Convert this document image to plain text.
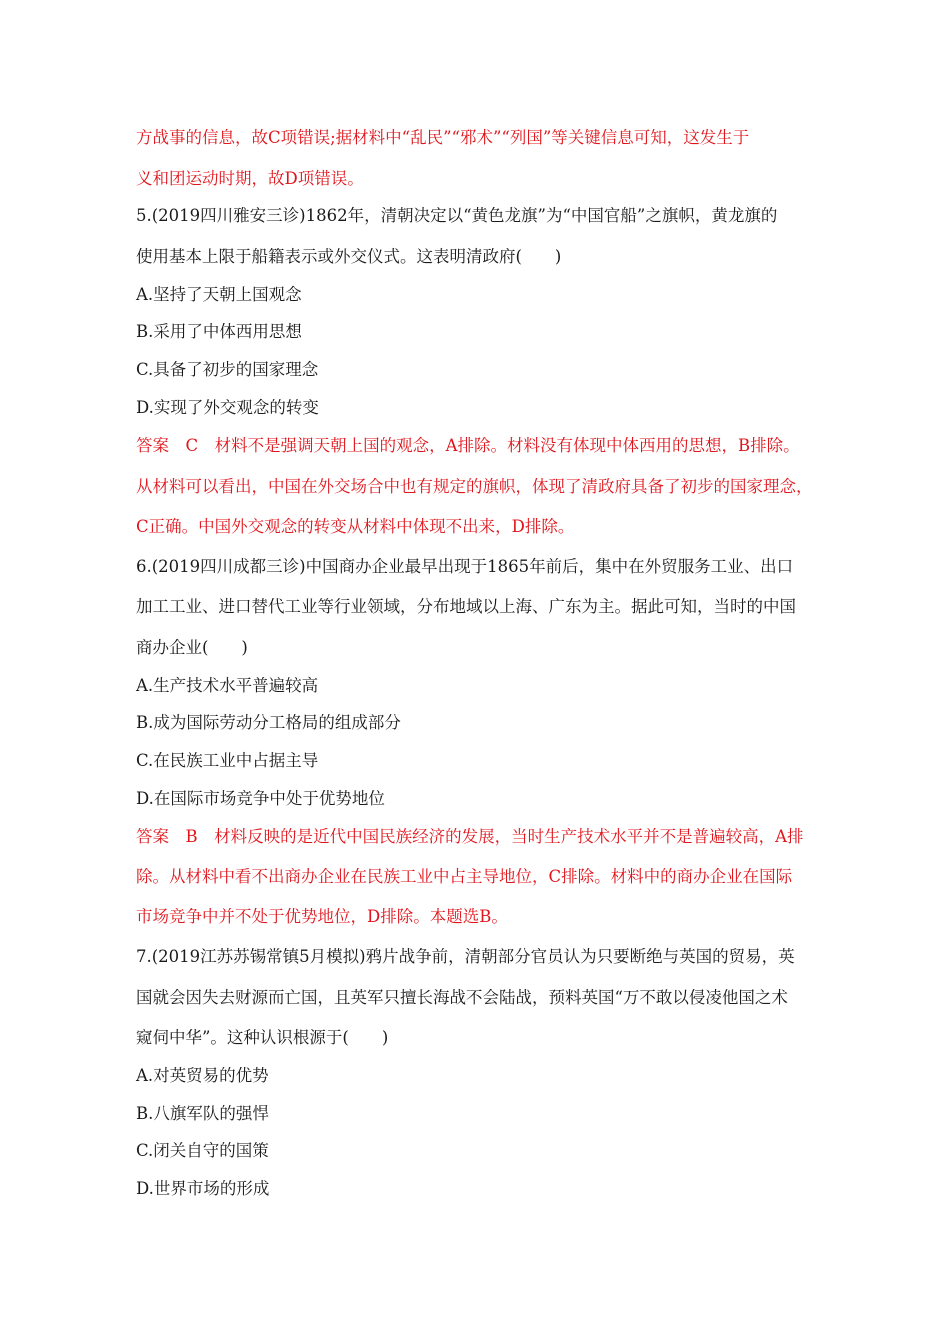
方战事的信息，故C项错误;据材料中“乱民”“邪术”“列国”等关键信息可知，这发生于
义和团运动时期，故D项错误。
5.(2019四川雅安三诊)1862年，清朝决定以“黄色龙旗”为“中国官船”之旗帜，黄龙旗的
使用基本上限于船籍表示或外交仪式。这表明清政府(　　)
A.坚持了天朝上国观念
B.采用了中体西用思想
C.具备了初步的国家理念
D.实现了外交观念的转变
答案　C　材料不是强调天朝上国的观念，A排除。材料没有体现中体西用的思想，B排除。
从材料可以看出，中国在外交场合中也有规定的旗帜，体现了清政府具备了初步的国家理念，
C正确。中国外交观念的转变从材料中体现不出来，D排除。
6.(2019四川成都三诊)中国商办企业最早出现于1865年前后，集中在外贸服务工业、出口
加工工业、进口替代工业等行业领域，分布地域以上海、广东为主。据此可知，当时的中国
商办企业(　　)
A.生产技术水平普遍较高
B.成为国际劳动分工格局的组成部分
C.在民族工业中占据主导
D.在国际市场竞争中处于优势地位
答案　B　材料反映的是近代中国民族经济的发展，当时生产技术水平并不是普遍较高，A排
除。从材料中看不出商办企业在民族工业中占主导地位，C排除。材料中的商办企业在国际
市场竞争中并不处于优势地位，D排除。本题选B。
7.(2019江苏苏锡常镇5月模拟)鸦片战争前，清朝部分官员认为只要断绝与英国的贸易，英
国就会因失去财源而亡国，且英军只擅长海战不会陆战，预料英国“万不敢以侵凌他国之术
窥伺中华”。这种认识根源于(　　)
A.对英贸易的优势
B.八旗军队的强悍
C.闭关自守的国策
D.世界市场的形成
